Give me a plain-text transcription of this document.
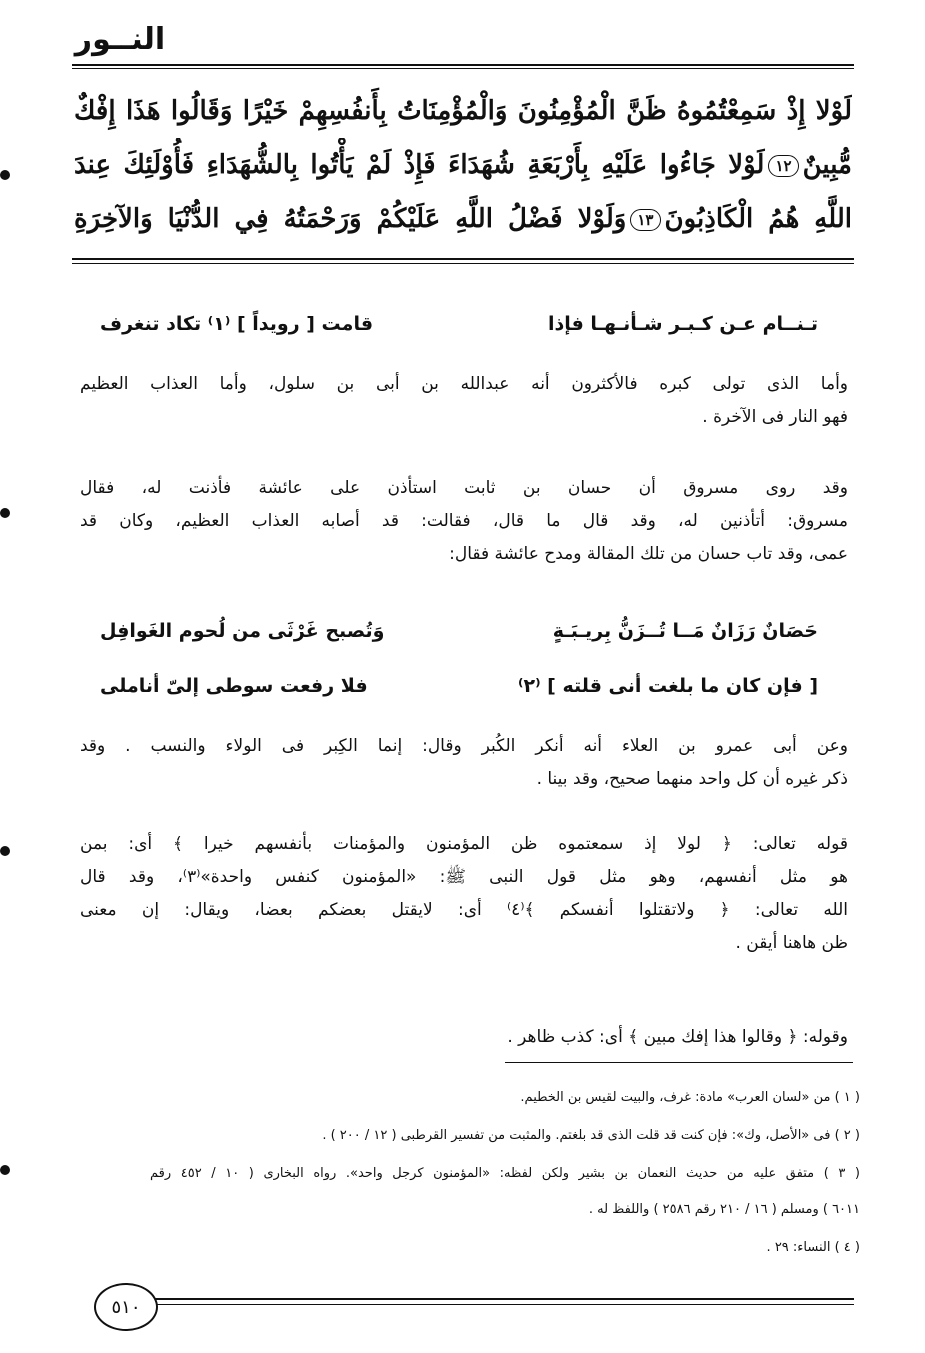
النــور
لَوْلا إِذْ سَمِعْتُمُوهُ ظَنَّ الْمُؤْمِنُونَ وَالْمُؤْمِنَاتُ بِأَنفُسِهِمْ خَيْرًا وَقَالُوا هَذَا إِفْكٌ
مُّبِينٌ١٢لَوْلا جَاءُوا عَلَيْهِ بِأَرْبَعَةِ شُهَدَاءَ فَإِذْ لَمْ يَأْتُوا بِالشُّهَدَاءِ فَأُوْلَئِكَ عِندَ
اللَّهِ هُمُ الْكَاذِبُونَ١٣وَلَوْلا فَضْلُ اللَّهِ عَلَيْكُمْ وَرَحْمَتُهُ فِي الدُّنْيَا وَالآخِرَةِ
تـنــام عـن كـبـر شـأنـهـا فإذا
قامت [ رويداً ] ⁽١⁾ تكاد تنغرف
وأما الذى تولى كبره فالأكثرون أنه عبدالله بن أبى بن سلول، وأما العذاب العظيم
فهو النار فى الآخرة .
وقد روى مسروق أن حسان بن ثابت استأذن على عائشة فأذنت له، فقال
مسروق: أتأذنين له، وقد قال ما قال، فقالت: قد أصابه العذاب العظيم، وكان قد
عمى، وقد تاب حسان من تلك المقالة ومدح عائشة فقال:
حَصَانٌ رَزَانٌ مَــا تُــزَنُّ بِريـبَـةٍ
وَتُصبح غَرْثَى من لُحوم الغَوافِل
[ فإن كان ما بلغت أنى قلته ] ⁽٢⁾
فلا رفعت سوطى إلىّ أناملى
وعن أبى عمرو بن العلاء أنه أنكر الكُبر وقال: إنما الكِبر فى الولاء والنسب . وقد
ذكر غيره أن كل واحد منهما صحيح، وقد بينا .
قوله تعالى: ﴿ لولا إذ سمعتموه ظن المؤمنون والمؤمنات بأنفسهم خيرا ﴾ أى: بمن
هو مثل أنفسهم، وهو مثل قول النبى ﷺ: «المؤمنون كنفس واحدة»⁽٣⁾، وقد قال
الله تعالى: ﴿ ولاتقتلوا أنفسكم ﴾⁽٤⁾ أى: لايقتل بعضكم بعضا، ويقال: إن معنى
ظن هاهنا أيقن .
وقوله: ﴿ وقالوا هذا إفك مبين ﴾ أى: كذب ظاهر .
( ١ ) من «لسان العرب» مادة: غرف، والبيت لقيس بن الخطيم.
( ٢ ) فى «الأصل، وك»: فإن كنت قد قلت الذى قد بلغتم. والمثبت من تفسير القرطبى ( ١٢ / ٢٠٠ ) .
( ٣ ) متفق عليه من حديث النعمان بن بشير ولكن لفظه: «المؤمنون كرجل واحد». رواه البخارى ( ١٠ / ٤٥٢ رقم
٦٠١١ ) ومسلم ( ١٦ / ٢١٠ رقم ٢٥٨٦ ) واللفظ له .
( ٤ ) النساء: ٢٩ .
٥١٠
